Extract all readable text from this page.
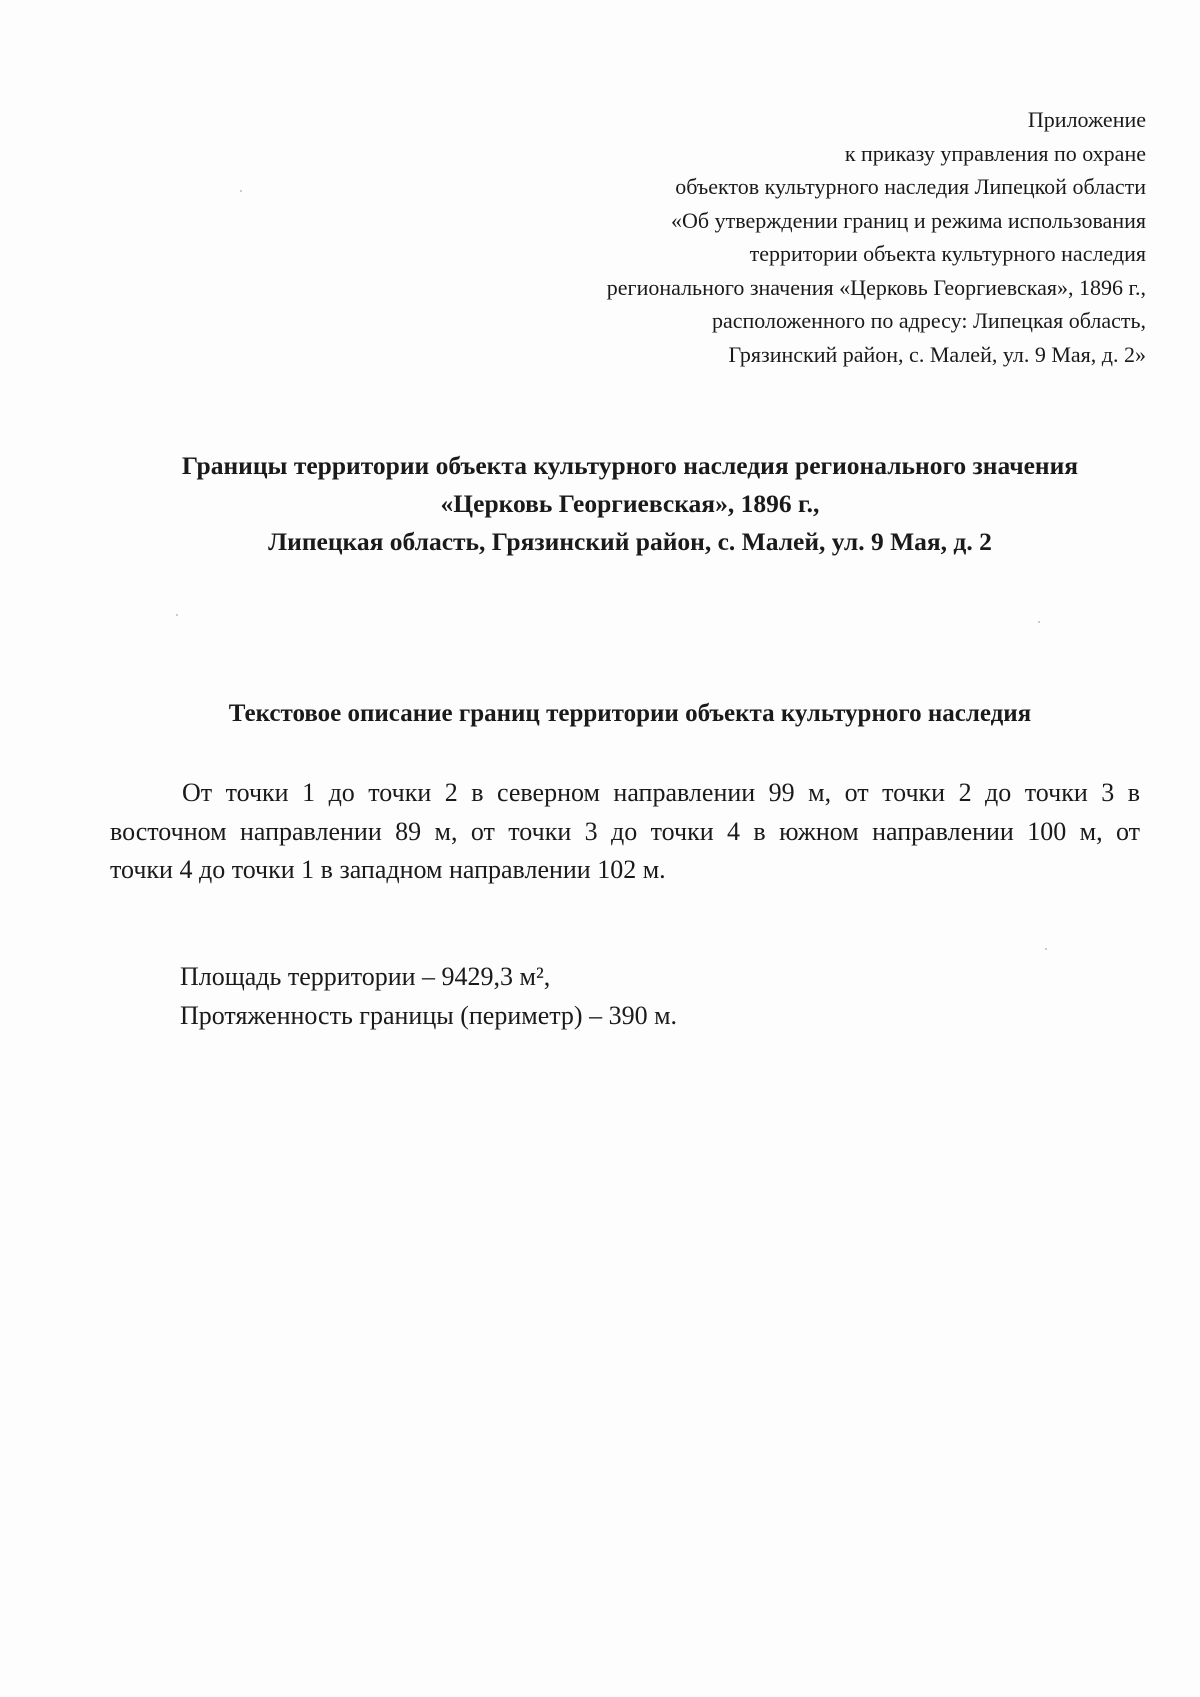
Приложение
к приказу управления по охране
объектов культурного наследия Липецкой области
«Об утверждении границ и режима использования
территории объекта культурного наследия
регионального значения «Церковь Георгиевская», 1896 г.,
расположенного по адресу: Липецкая область,
Грязинский район, с. Малей, ул. 9 Мая, д. 2»
Границы территории объекта культурного наследия регионального значения
«Церковь Георгиевская», 1896 г.,
Липецкая область, Грязинский район, с. Малей, ул. 9 Мая, д. 2
Текстовое описание границ территории объекта культурного наследия
От точки 1 до точки 2 в северном направлении 99 м, от точки 2 до точки 3 в
восточном направлении 89 м, от точки 3 до точки 4 в южном направлении 100 м, от
точки 4 до точки 1 в западном направлении 102 м.
Площадь территории – 9429,3 м²,
Протяженность границы (периметр) – 390 м.
